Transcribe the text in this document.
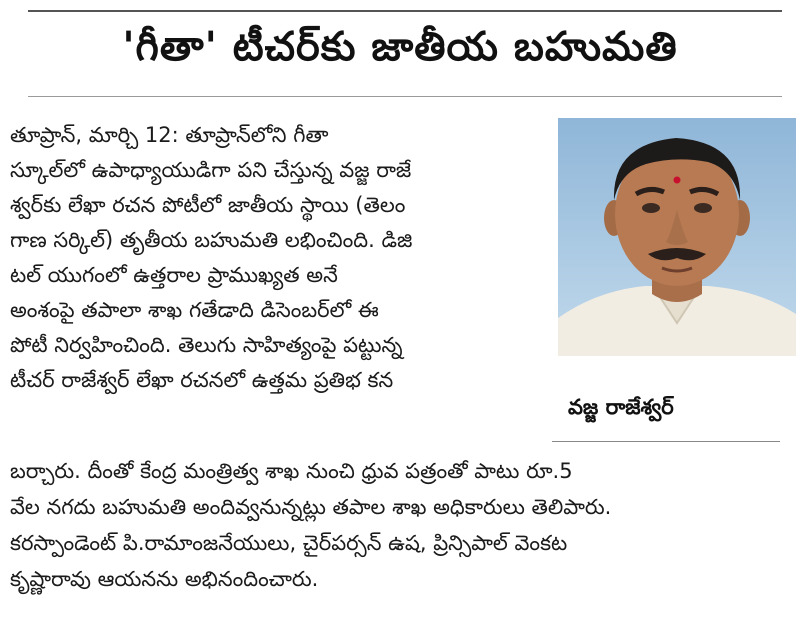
'గీతా' టీచర్‌కు జాతీయ బహుమతి
తూప్రాన్, మార్చి 12: తూప్రాన్‌లోని గీతా
స్కూల్‌లో ఉపాధ్యాయుడిగా పని చేస్తున్న వజ్జ రాజే
శ్వర్‌కు లేఖా రచన పోటీలో జాతీయ స్థాయి (తెలం
గాణ సర్కిల్) తృతీయ బహుమతి లభించింది. డిజి
టల్ యుగంలో ఉత్తరాల ప్రాముఖ్యత అనే
అంశంపై తపాలా శాఖ గతేడాది డిసెంబర్‌లో ఈ
పోటీ నిర్వహించింది. తెలుగు సాహిత్యంపై పట్టున్న
టీచర్ రాజేశ్వర్ లేఖా రచనలో ఉత్తమ ప్రతిభ కన
వజ్జ రాజేశ్వర్
బర్చారు. దీంతో కేంద్ర మంత్రిత్వ శాఖ నుంచి ధ్రువ పత్రంతో పాటు రూ.5
వేల నగదు బహుమతి అందివ్వనున్నట్లు తపాల శాఖ అధికారులు తెలిపారు.
కరస్పాండెంట్ పి.రామాంజనేయులు, చైర్‌పర్సన్ ఉష, ప్రిన్సిపాల్ వెంకట
కృష్ణారావు ఆయనను అభినందించారు.
